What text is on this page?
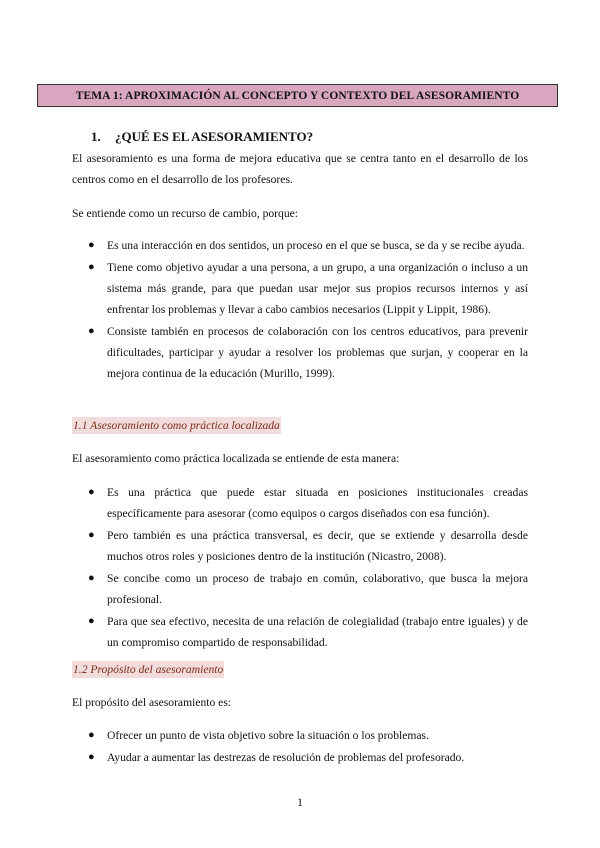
TEMA 1: APROXIMACIÓN AL CONCEPTO Y CONTEXTO DEL ASESORAMIENTO
1. ¿QUÉ ES EL ASESORAMIENTO?
El asesoramiento es una forma de mejora educativa que se centra tanto en el desarrollo de los centros como en el desarrollo de los profesores.
Se entiende como un recurso de cambio, porque:
● Es una interacción en dos sentidos, un proceso en el que se busca, se da y se recibe ayuda.
● Tiene como objetivo ayudar a una persona, a un grupo, a una organización o incluso a un sistema más grande, para que puedan usar mejor sus propios recursos internos y así enfrentar los problemas y llevar a cabo cambios necesarios (Lippit y Lippit, 1986).
● Consiste también en procesos de colaboración con los centros educativos, para prevenir dificultades, participar y ayudar a resolver los problemas que surjan, y cooperar en la mejora continua de la educación (Murillo, 1999).
1.1 Asesoramiento como práctica localizada
El asesoramiento como práctica localizada se entiende de esta manera:
● Es una práctica que puede estar situada en posiciones institucionales creadas específicamente para asesorar (como equipos o cargos diseñados con esa función).
● Pero también es una práctica transversal, es decir, que se extiende y desarrolla desde muchos otros roles y posiciones dentro de la institución (Nicastro, 2008).
● Se concibe como un proceso de trabajo en común, colaborativo, que busca la mejora profesional.
● Para que sea efectivo, necesita de una relación de colegialidad (trabajo entre iguales) y de un compromiso compartido de responsabilidad.
1.2 Propósito del asesoramiento
El propósito del asesoramiento es:
● Ofrecer un punto de vista objetivo sobre la situación o los problemas.
● Ayudar a aumentar las destrezas de resolución de problemas del profesorado.
1
